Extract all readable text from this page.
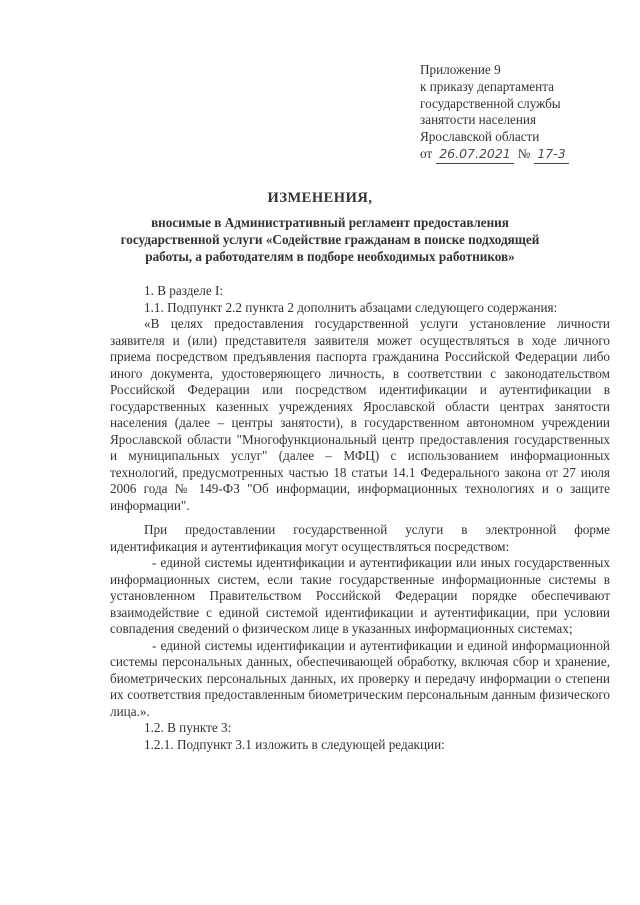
Приложение 9
к приказу департамента
государственной службы
занятости населения
Ярославской области
от 26.07.2021 № 17-3
ИЗМЕНЕНИЯ,
вносимые в Административный регламент предоставления государственной услуги «Содействие гражданам в поиске подходящей работы, а работодателям в подборе необходимых работников»

1. В разделе I:

1.1. Подпункт 2.2 пункта 2 дополнить абзацами следующего содержания:

«В целях предоставления государственной услуги установление личности заявителя и (или) представителя заявителя может осуществляться в ходе личного приема посредством предъявления паспорта гражданина Российской Федерации либо иного документа, удостоверяющего личность, в соответствии с законодательством Российской Федерации или посредством идентификации и аутентификации в государственных казенных учреждениях Ярославской области центрах занятости населения (далее – центры занятости), в государственном автономном учреждении Ярославской области "Многофункциональный центр предоставления государственных и муниципальных услуг" (далее – МФЦ) с использованием информационных технологий, предусмотренных частью 18 статьи 14.1 Федерального закона от 27 июля 2006 года № 149-ФЗ "Об информации, информационных технологиях и о защите информации".

При предоставлении государственной услуги в электронной форме идентификация и аутентификация могут осуществляться посредством:

- единой системы идентификации и аутентификации или иных государственных информационных систем, если такие государственные информационные системы в установленном Правительством Российской Федерации порядке обеспечивают взаимодействие с единой системой идентификации и аутентификации, при условии совпадения сведений о физическом лице в указанных информационных системах;

- единой системы идентификации и аутентификации и единой информационной системы персональных данных, обеспечивающей обработку, включая сбор и хранение, биометрических персональных данных, их проверку и передачу информации о степени их соответствия предоставленным биометрическим персональным данным физического лица.».

1.2. В пункте 3:

1.2.1. Подпункт 3.1 изложить в следующей редакции:
